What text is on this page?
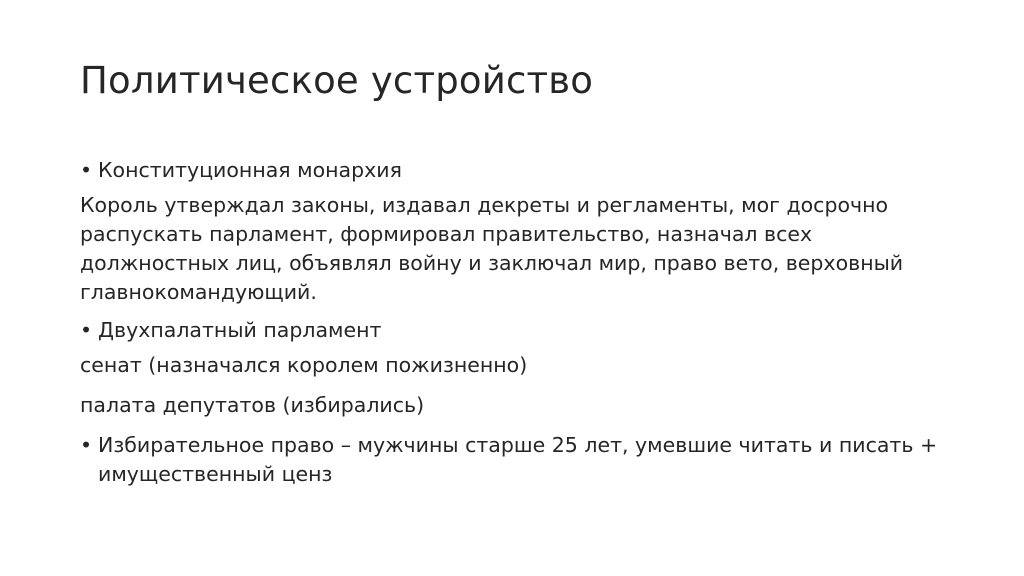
Политическое устройство
• Конституционная монархия
Король утверждал законы, издавал декреты и регламенты, мог досрочно распускать парламент, формировал правительство, назначал всех должностных лиц, объявлял войну и заключал мир, право вето, верховный главнокомандующий.
• Двухпалатный парламент
сенат (назначался королем пожизненно)
палата депутатов (избирались)
• Избирательное право – мужчины старше 25 лет, умевшие читать и писать + имущественный ценз
